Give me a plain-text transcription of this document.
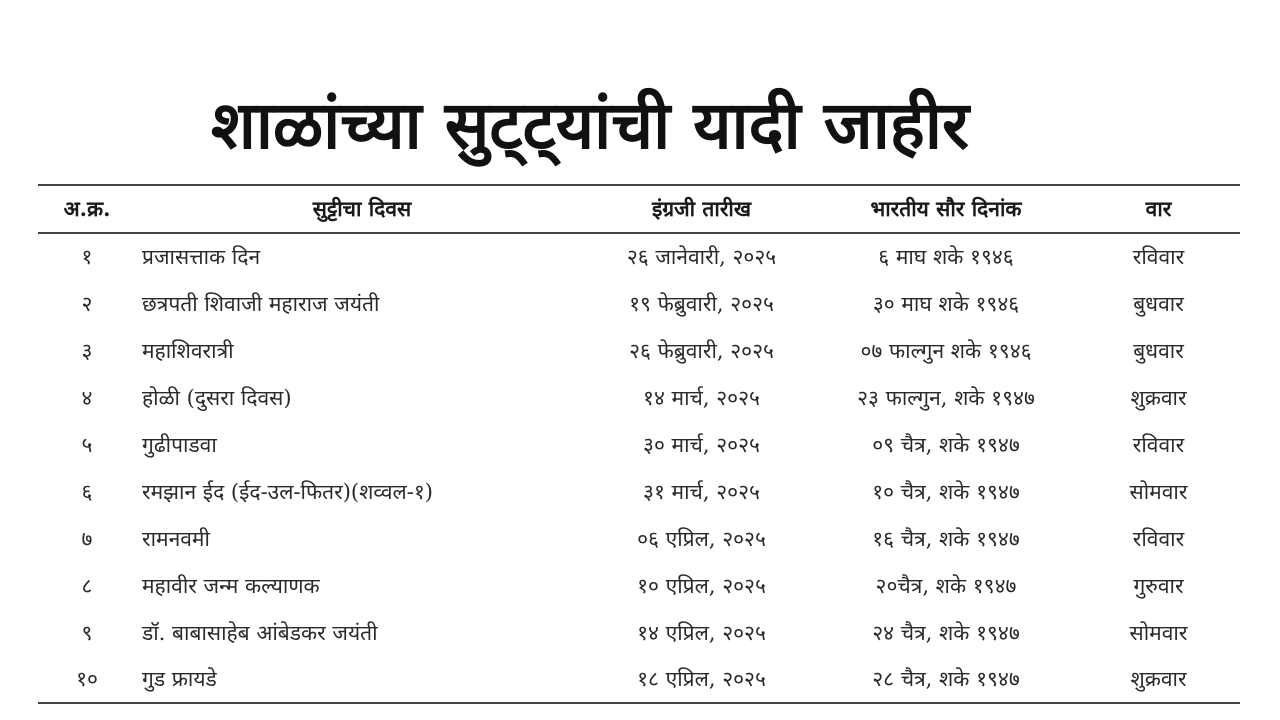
शाळांच्या सुट्ट्यांची यादी जाहीर
अ.क्र.	सुट्टीचा दिवस	इंग्रजी तारीख	भारतीय सौर दिनांक	वार
१	प्रजासत्ताक दिन	२६ जानेवारी, २०२५	६ माघ शके १९४६	रविवार
२	छत्रपती शिवाजी महाराज जयंती	१९ फेब्रुवारी, २०२५	३० माघ शके १९४६	बुधवार
३	महाशिवरात्री	२६ फेब्रुवारी, २०२५	०७ फाल्गुन शके १९४६	बुधवार
४	होळी (दुसरा दिवस)	१४ मार्च, २०२५	२३ फाल्गुन, शके १९४७	शुक्रवार
५	गुढीपाडवा	३० मार्च, २०२५	०९ चैत्र, शके १९४७	रविवार
६	रमझान ईद (ईद-उल-फितर)(शव्वल-१)	३१ मार्च, २०२५	१० चैत्र, शके १९४७	सोमवार
७	रामनवमी	०६ एप्रिल, २०२५	१६ चैत्र, शके १९४७	रविवार
८	महावीर जन्म कल्याणक	१० एप्रिल, २०२५	२०चैत्र, शके १९४७	गुरुवार
९	डॉ. बाबासाहेब आंबेडकर जयंती	१४ एप्रिल, २०२५	२४ चैत्र, शके १९४७	सोमवार
१०	गुड फ्रायडे	१८ एप्रिल, २०२५	२८ चैत्र, शके १९४७	शुक्रवार
